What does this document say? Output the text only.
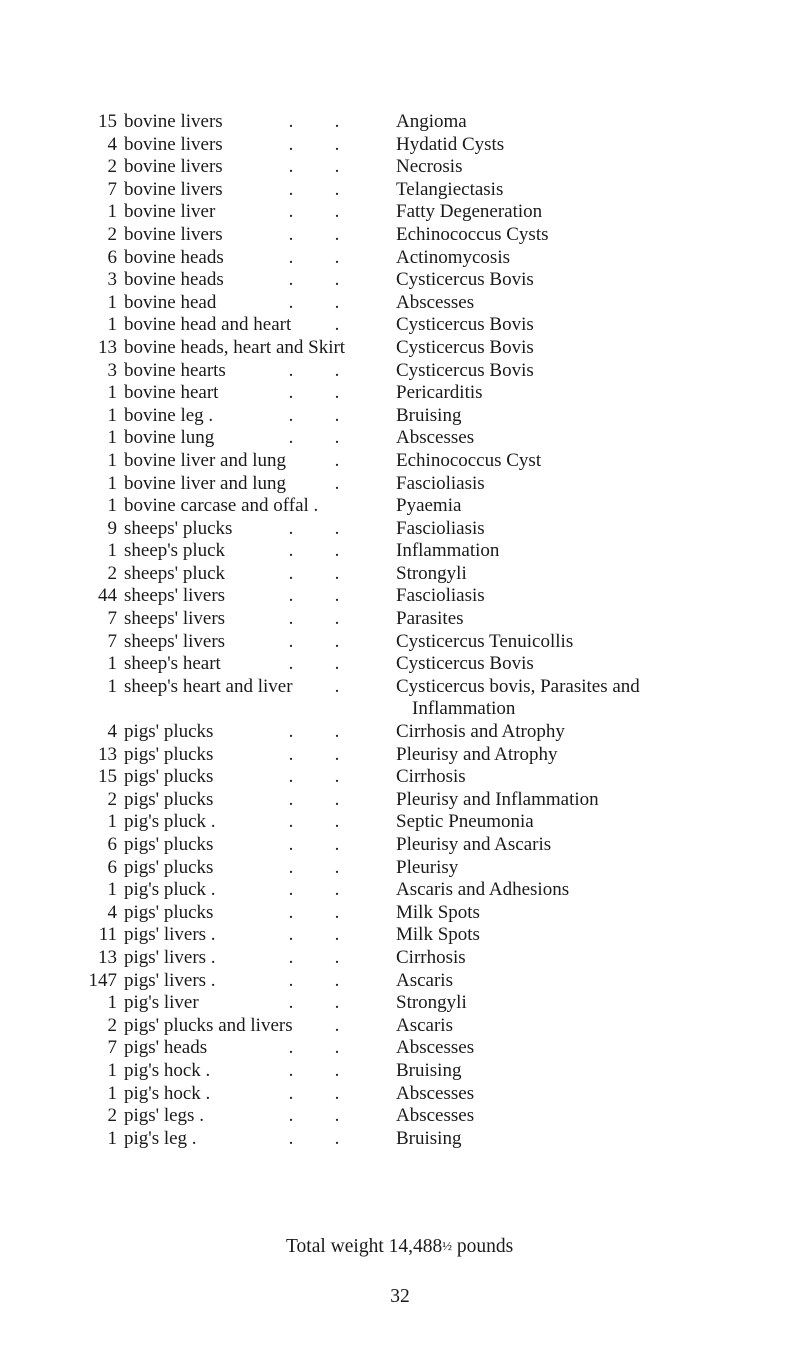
15 bovine livers	. .	Angioma
4 bovine livers	. .	Hydatid Cysts
2 bovine livers	. .	Necrosis
7 bovine livers	. .	Telangiectasis
1 bovine liver	. .	Fatty Degeneration
2 bovine livers	. .	Echinococcus Cysts
6 bovine heads	. .	Actinomycosis
3 bovine heads	. .	Cysticercus Bovis
1 bovine head	. .	Abscesses
1 bovine head and heart	.	Cysticercus Bovis
13 bovine heads, heart and Skirt	Cysticercus Bovis
3 bovine hearts	. .	Cysticercus Bovis
1 bovine heart	. .	Pericarditis
1 bovine leg .	. .	Bruising
1 bovine lung	. .	Abscesses
1 bovine liver and lung	.	Echinococcus Cyst
1 bovine liver and lung	.	Fascioliasis
1 bovine carcase and offal .	Pyaemia
9 sheeps' plucks	. .	Fascioliasis
1 sheep's pluck	. .	Inflammation
2 sheeps' pluck	. .	Strongyli
44 sheeps' livers	. .	Fascioliasis
7 sheeps' livers	. .	Parasites
7 sheeps' livers	. .	Cysticercus Tenuicollis
1 sheep's heart	. .	Cysticercus Bovis
1 sheep's heart and liver	.	Cysticercus bovis, Parasites and
Inflammation
4 pigs' plucks	. .	Cirrhosis and Atrophy
13 pigs' plucks	. .	Pleurisy and Atrophy
15 pigs' plucks	. .	Cirrhosis
2 pigs' plucks	. .	Pleurisy and Inflammation
1 pig's pluck .	. .	Septic Pneumonia
6 pigs' plucks	. .	Pleurisy and Ascaris
6 pigs' plucks	. .	Pleurisy
1 pig's pluck .	. .	Ascaris and Adhesions
4 pigs' plucks	. .	Milk Spots
11 pigs' livers .	. .	Milk Spots
13 pigs' livers .	. .	Cirrhosis
147 pigs' livers .	. .	Ascaris
1 pig's liver	. .	Strongyli
2 pigs' plucks and livers	.	Ascaris
7 pigs' heads	. .	Abscesses
1 pig's hock .	. .	Bruising
1 pig's hock .	. .	Abscesses
2 pigs' legs .	. .	Abscesses
1 pig's leg .	. .	Bruising
Total weight 14,488½ pounds
32
